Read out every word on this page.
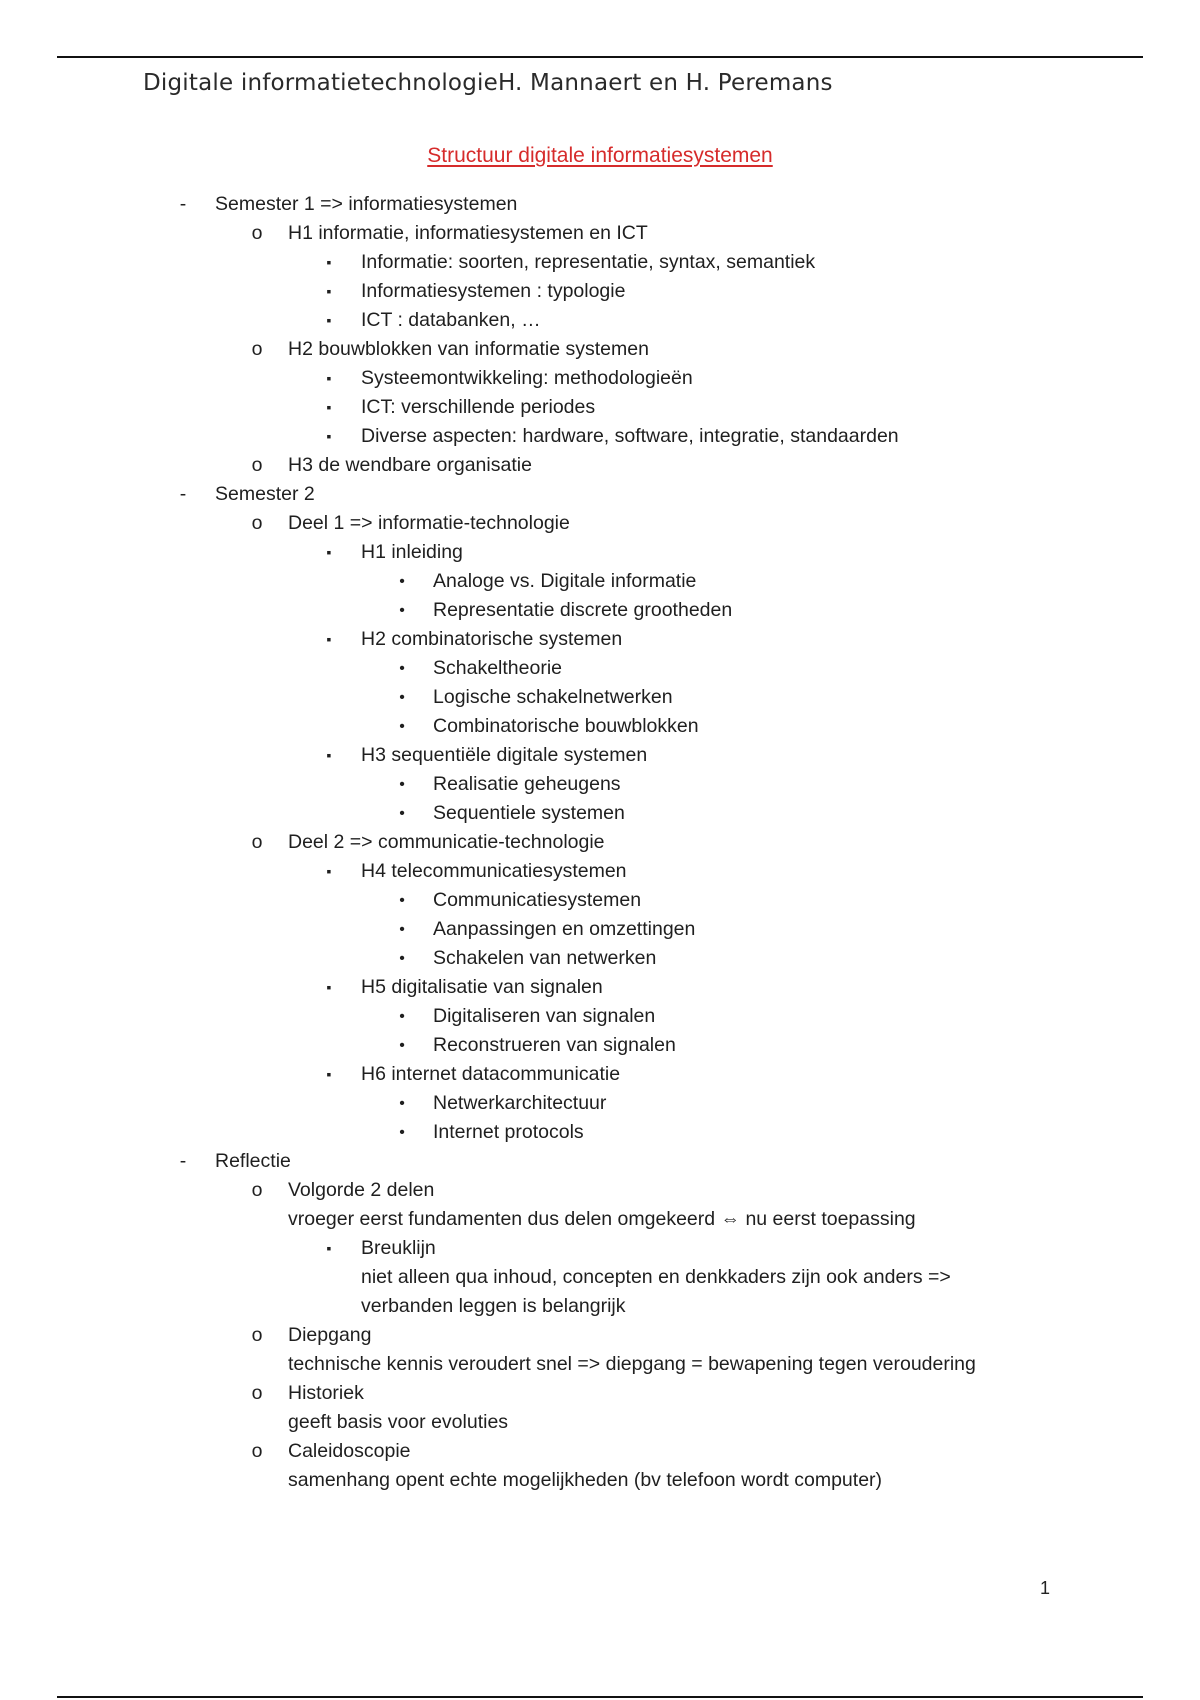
Digitale informatietechnologieH. Mannaert en H. Peremans
Structuur digitale informatiesystemen
-	Semester 1 => informatiesystemen
o H1 informatie, informatiesystemen en ICT
▪	Informatie: soorten, representatie, syntax, semantiek
▪	Informatiesystemen : typologie
▪	ICT : databanken, …
o H2 bouwblokken van informatie systemen
▪	Systeemontwikkeling: methodologieën
▪	ICT: verschillende periodes
▪	Diverse aspecten: hardware, software, integratie, standaarden
o H3 de wendbare organisatie
-	Semester 2
o Deel 1 => informatie-technologie
▪	H1 inleiding
•	Analoge vs. Digitale informatie
•	Representatie discrete grootheden
▪	H2 combinatorische systemen
•	Schakeltheorie
•	Logische schakelnetwerken
•	Combinatorische bouwblokken
▪	H3 sequentiële digitale systemen
•	Realisatie geheugens
•	Sequentiele systemen
o Deel 2 => communicatie-technologie
▪	H4 telecommunicatiesystemen
•	Communicatiesystemen
•	Aanpassingen en omzettingen
•	Schakelen van netwerken
▪	H5 digitalisatie van signalen
•	Digitaliseren van signalen
•	Reconstrueren van signalen
▪	H6 internet datacommunicatie
•	Netwerkarchitectuur
•	Internet protocols
-	Reflectie
o Volgorde 2 delen
vroeger eerst fundamenten dus delen omgekeerd ⇔ nu eerst toepassing
▪	Breuklijn
niet alleen qua inhoud, concepten en denkkaders zijn ook anders =>
verbanden leggen is belangrijk
o Diepgang
technische kennis veroudert snel => diepgang = bewapening tegen veroudering
o Historiek
geeft basis voor evoluties
o Caleidoscopie
samenhang opent echte mogelijkheden (bv telefoon wordt computer)
1
